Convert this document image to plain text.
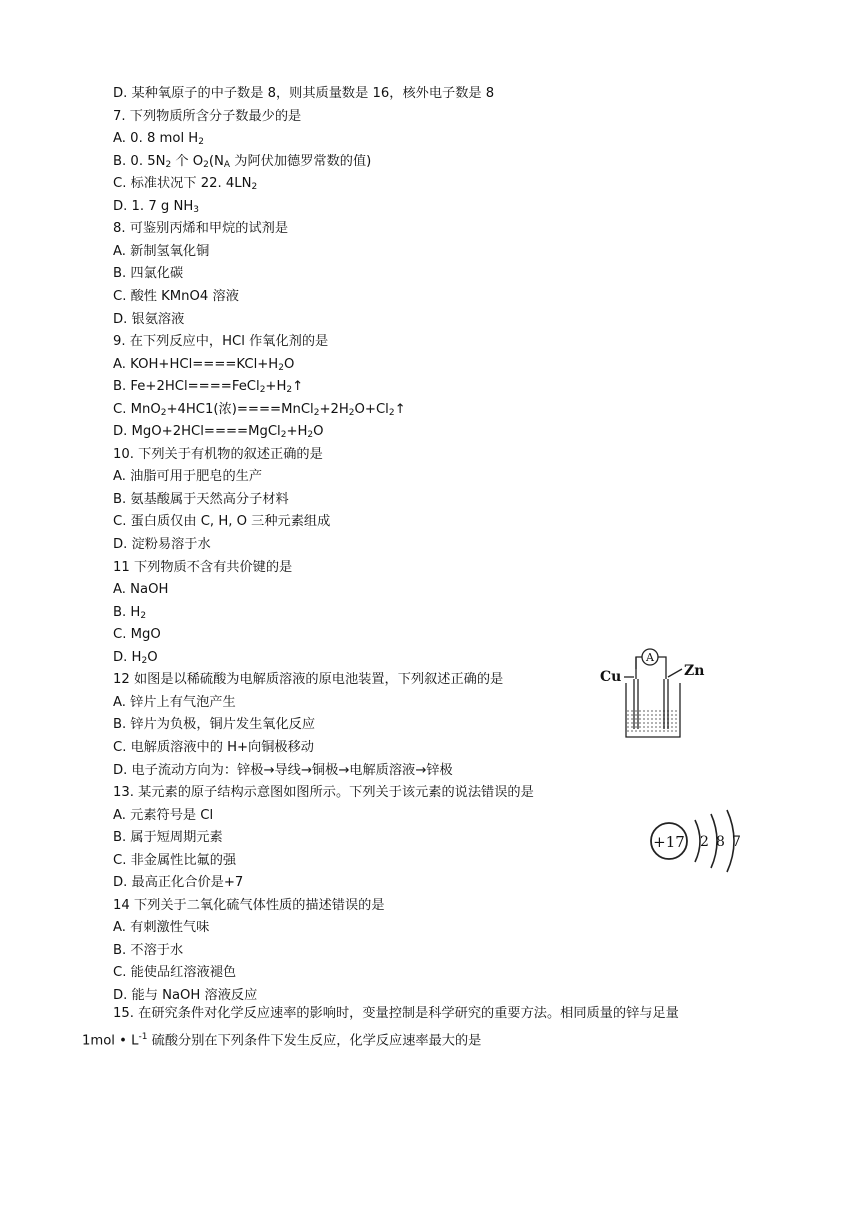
D. 某种氧原子的中子数是 8，则其质量数是 16，核外电子数是 8
7. 下列物质所含分子数最少的是
A. 0. 8 mol $H_2$
B. 0. $5N_2$ 个 $O_2(N_A$ 为阿伏加德罗常数的值)
C. 标准状况下 22. $4LN_2$
D. 1. 7 g $NH_3$
8. 可鉴别丙烯和甲烷的试剂是
A. 新制氢氧化铜
B. 四氯化碳
C. 酸性 KMnO4 溶液
D. 银氨溶液
9. 在下列反应中，HCl 作氧化剂的是
A. $KOH+HCl====KCl+H_2O$
B. $Fe+2HCl====FeCl_2+H_2↑$
C. MnO$_2$+4HC1(浓)$====MnCl_2+2H_2O+Cl_2↑$
D. $MgO+2HCl====MgCl_2+H_2O$
10. 下列关于有机物的叙述正确的是
A. 油脂可用于肥皂的生产
B. 氨基酸属于天然高分子材料
C. 蛋白质仅由 C, H, O 三种元素组成
D. 淀粉易溶于水
11 下列物质不含有共价键的是
A. NaOH
B. $H_2$
C. MgO
D. $H_2O$
12 如图是以稀硫酸为电解质溶液的原电池装置，下列叙述正确的是
A. 锌片上有气泡产生
B. 锌片为负极，铜片发生氧化反应
C. 电解质溶液中的 H+向铜极移动
D. 电子流动方向为：锌极→导线→铜极→电解质溶液→锌极
13. 某元素的原子结构示意图如图所示。下列关于该元素的说法错误的是
A. 元素符号是 Cl
B. 属于短周期元素
C. 非金属性比氟的强
D. 最高正化合价是+7
14 下列关于二氧化硫气体性质的描述错误的是
A. 有刺激性气味
B. 不溶于水
C. 能使品红溶液褪色
D. 能与 NaOH 溶液反应
15. 在研究条件对化学反应速率的影响时，变量控制是科学研究的重要方法。相同质量的锌与足量
1mol • $L^{-1}$ 硫酸分别在下列条件下发生反应，化学反应速率最大的是
A
Cu	Zn
+17 2 8 7
